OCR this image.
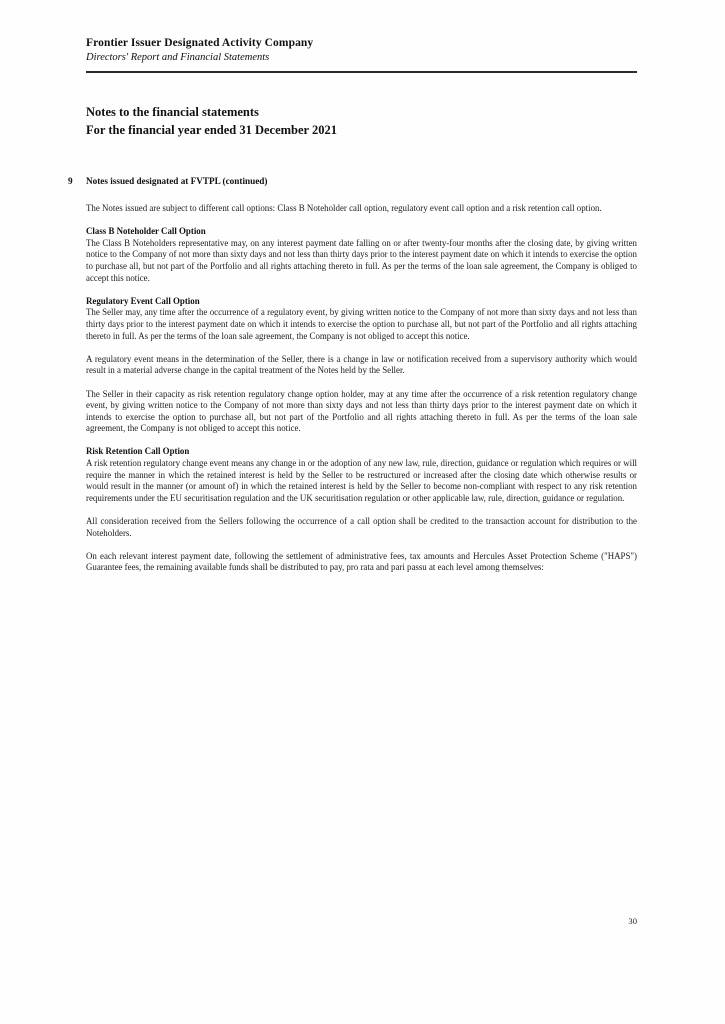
Frontier Issuer Designated Activity Company
Directors' Report and Financial Statements
Notes to the financial statements
For the financial year ended 31 December 2021
9	Notes issued designated at FVTPL (continued)

The Notes issued are subject to different call options: Class B Noteholder call option, regulatory event call option and a risk retention call option.

Class B Noteholder Call Option

The Class B Noteholders representative may, on any interest payment date falling on or after twenty-four months after the closing date, by giving written notice to the Company of not more than sixty days and not less than thirty days prior to the interest payment date on which it intends to exercise the option to purchase all, but not part of the Portfolio and all rights attaching thereto in full. As per the terms of the loan sale agreement, the Company is obliged to accept this notice.

Regulatory Event Call Option

The Seller may, any time after the occurrence of a regulatory event, by giving written notice to the Company of not more than sixty days and not less than thirty days prior to the interest payment date on which it intends to exercise the option to purchase all, but not part of the Portfolio and all rights attaching thereto in full. As per the terms of the loan sale agreement, the Company is not obliged to accept this notice.

A regulatory event means in the determination of the Seller, there is a change in law or notification received from a supervisory authority which would result in a material adverse change in the capital treatment of the Notes held by the Seller.

The Seller in their capacity as risk retention regulatory change option holder, may at any time after the occurrence of a risk retention regulatory change event, by giving written notice to the Company of not more than sixty days and not less than thirty days prior to the interest payment date on which it intends to exercise the option to purchase all, but not part of the Portfolio and all rights attaching thereto in full. As per the terms of the loan sale agreement, the Company is not obliged to accept this notice.

Risk Retention Call Option

A risk retention regulatory change event means any change in or the adoption of any new law, rule, direction, guidance or regulation which requires or will require the manner in which the retained interest is held by the Seller to be restructured or increased after the closing date which otherwise results or would result in the manner (or amount of) in which the retained interest is held by the Seller to become non-compliant with respect to any risk retention requirements under the EU securitisation regulation and the UK securitisation regulation or other applicable law, rule, direction, guidance or regulation.

All consideration received from the Sellers following the occurrence of a call option shall be credited to the transaction account for distribution to the Noteholders.

On each relevant interest payment date, following the settlement of administrative fees, tax amounts and Hercules Asset Protection Scheme ("HAPS") Guarantee fees, the remaining available funds shall be distributed to pay, pro rata and pari passu at each level among themselves:

30
